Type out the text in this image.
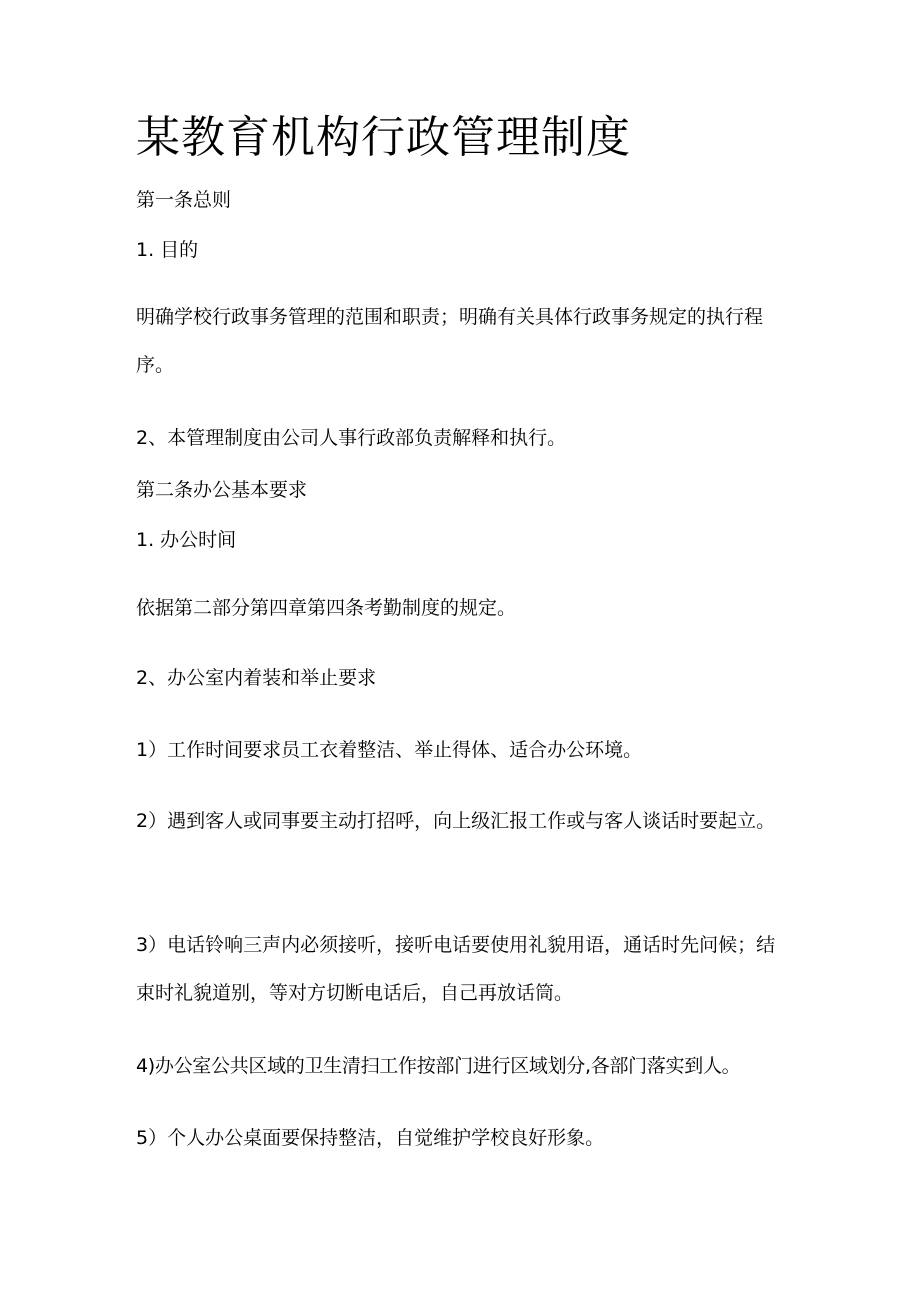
某教育机构行政管理制度

第一条总则

1. 目的

明确学校行政事务管理的范围和职责；明确有关具体行政事务规定的执行程序。

2、本管理制度由公司人事行政部负责解释和执行。

第二条办公基本要求

1. 办公时间

依据第二部分第四章第四条考勤制度的规定。

2、办公室内着装和举止要求

1）工作时间要求员工衣着整洁、举止得体、适合办公环境。

2）遇到客人或同事要主动打招呼，向上级汇报工作或与客人谈话时要起立。

3）电话铃响三声内必须接听，接听电话要使用礼貌用语，通话时先问候；结束时礼貌道别，等对方切断电话后，自己再放话筒。

4)办公室公共区域的卫生清扫工作按部门进行区域划分,各部门落实到人。

5）个人办公桌面要保持整洁，自觉维护学校良好形象。
